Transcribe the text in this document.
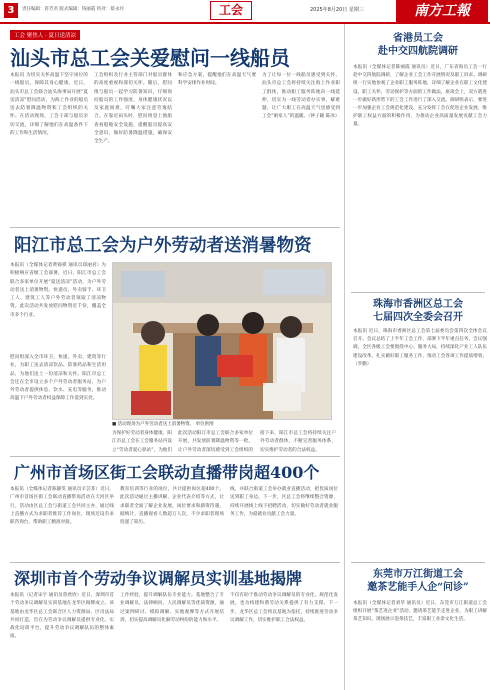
3	责任编辑：蒋芳君 版式编辑：钱丽霞 校对：蔡永玲	工会	2025年8月20日 星期三	南方工報
工会 聚焦人 · 夏日送清凉
汕头市总工会关爱慰问一线船员
本报讯 为切实关怀高温下坚守岗位的一线船员，保障其身心健康，近日，汕头市总工会联合汕头海事局开展“夏送清凉”慰问活动，为海上作业的船员送去防暑降温物资和工会组织的关怀。在活动现场，工会干部与船员亲切交流，详细了解他们在高温条件下的工作和生活情况。
工会组织及行业主管部门对船员群体的高度重视和深切关怀。随后，慰问组与船员一起学习防暑知识，仔细询问船员的工作强度、身体健康状况以及家庭困难，叮嘱大家注意劳逸结合。在靠近码头时，慰问组登上渔船查看船舶安全设施，提醒船员提高安全意识，做好防暑降温措施，确保安全生产。
和应急方案，提醒他们在高温天气要科学安排作业时间。
为了让每一位一线船员感受到关怀，汕头市总工会将持续关注海上作业职工群体，推动职工服务阵地向一线延伸，切实为一线劳动者办实事、解难题，让广大职工在高温天气里感受到工会“娘家人”的温暖。（钟子颖 陈冰）
阳江市总工会为户外劳动者送消暑物资
本报讯（全媒体记者黄锦祺 通讯员郑丽君）为积极响应省级工会部署，近日，阳江市总工会联合多家单位开展“夏送清凉”活动，为户外劳动者送上消暑物资。快递员、外卖骑手、环卫工人、建筑工人等户外劳动者领取了清凉物资。此次活动共发放慰问物资近千份，覆盖全市多个行业。
慰问组深入全市环卫、快递、外卖、建筑等行业，为职工送去清凉饮品、防暑药品和生活用品，为他们送上一份清凉和关怀。阳江市总工会还在全市设立多个户外劳动者服务站，为户外劳动者提供休息、饮水、充电等服务，推动高温下户外劳动者权益保障工作落到实处。
■ 活动现场为户外劳动者送上消暑物资。 单位供图
此次活动阳江市总工会联合多家单位开展，共发放防暑降温物资等一批，让户外劳动者深切感受到工会组织的
接下来，阳江市总工会将持续关注户外劳动者群体，不断完善服务体系，切实维护劳动者的合法权益。
为保护好劳动者身体健康，阳江市总工会在工会服务站内设立“劳动者爱心驿站”，为他们
广州市首场区街工会联动直播带岗超400个
本报讯（全媒体记者陈静雯 通讯员羊芸菲）近日，广州市首场区街工会联动直播带岗活动在天河区举行。活动由区总工会与街道工会共同主办，通过线上直播方式为求职者推荐工作岗位，现场还设有求职咨询台，帮助职工精准对接。
教育培训等行业的岗位，共计提供岗位超400个。此次活动通过主播讲解、企业代表介绍等方式，让求职者全面了解企业发展、岗位要求和薪资待遇，据统计，直播观看人数超万人次，不少求职者现场投递了简历。
线，并联合街道工会举办就业直播活动，把优质岗位送到职工身边。下一步，区总工会将继续整合资源，持续开展线上线下招聘活动，切实做好劳动者就业服务工作，为稳就业贡献工会力量。
深圳市首个劳动争议调解员实训基地揭牌
本报讯（记者宋宇 通讯员曾欣欣）近日，深圳市首个劳动争议调解员实训基地在龙华区揭牌成立。该基地由龙华区总工会联合区人力资源局、区司法局共同打造，旨在为劳动争议调解员提供专业化、实战化培训平台，提升劳动争议调解队伍的整体素质。
工作经验，提升调解队伍专业能力。基地整合了专业调解员、法律顾问、人民调解员等优质资源，通过案例研讨、模拟调解、实地观摩等方式开展培训，切实提高调解员化解劳动纠纷的能力和水平。
不仅有助于推动劳动争议调解员的专业化、规范化发展，也为构建和谐劳动关系提供了有力支撑。下一步，龙华区总工会将以基地为依托，持续推进劳动争议调解工作，切实维护职工合法权益。
省港员工会
赴中交四航院调研
本报讯（全媒体记者陈丽霞 通讯员）近日，广东省海员工会一行赴中交四航院调研，了解企业工会工作开展情况及职工诉求。调研组一行实地参观了企业职工服务阵地，详细了解企业在职工文化建设、职工关怀、劳动保护等方面的工作做法。座谈会上，双方就进一步做好新形势下的工会工作进行了深入交流。调研组表示，要进一步加强企业工会规范化建设，充分发挥工会在促进企业发展、维护职工权益方面的积极作用，为推动企业高质量发展贡献工会力量。
珠海市香洲区总工会
七届四次全委会召开
本报讯 近日，珠海市香洲区总工会第七届委员会第四次全体会议召开。会议总结了上半年工会工作，部署下半年重点任务。会议强调，全区各级工会要围绕中心、服务大局，持续深化产业工人队伍建设改革，扎实做好职工服务工作，推动工会各项工作提质增效。（罗勤）
东莞市万江街道工会
邀茶艺能手人企“问诊”
本报讯（全媒体记者刘华 通讯员）近日，东莞市万江街道总工会组织开展“茶艺进企业”活动，邀请茶艺能手走进企业，为职工讲解茶艺知识，现场展示泡茶技艺，丰富职工业余文化生活。
